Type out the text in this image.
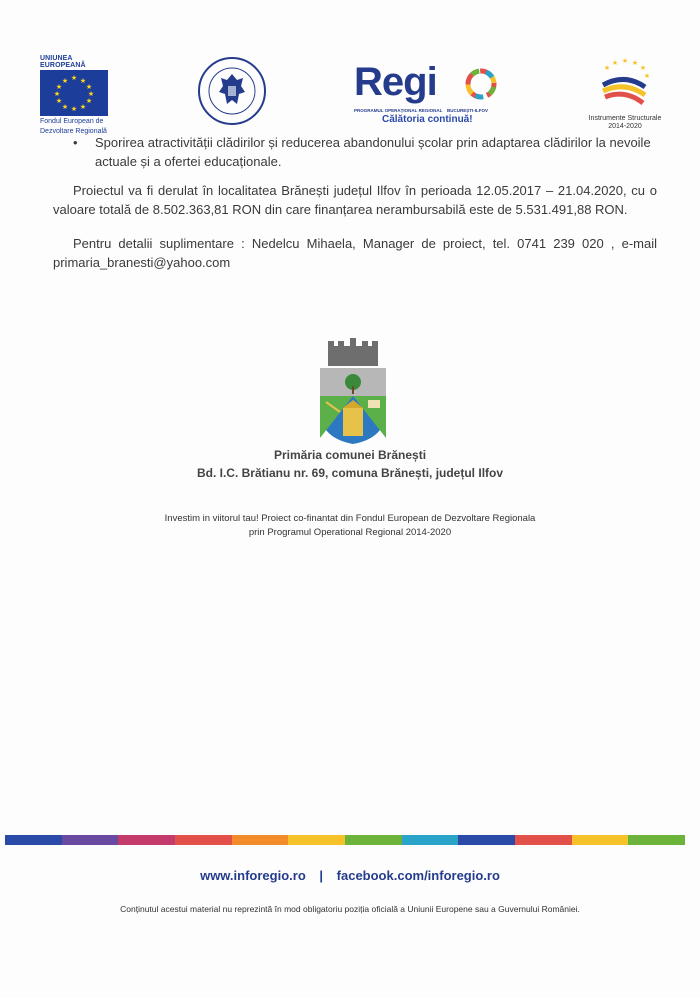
UNIUNEA EUROPEANĂ
★ ★
★
★
★
★
★
★
★
★
★
★
Fondul European de
Dezvoltare Regională
Regi
PROGRAMUL OPERAȚIONAL REGIONAL BUCUREȘTI-ILFOV
Călătoria continuă!
★ ★
★
★
★
★
Instrumente Structurale
2014-2020
• Sporirea atractivității clădirilor și reducerea abandonului școlar prin adaptarea clădirilor la nevoile actuale și a ofertei educaționale.
Proiectul va fi derulat în localitatea Brănești județul Ilfov în perioada 12.05.2017 – 21.04.2020, cu o valoare totală de 8.502.363,81 RON din care finanțarea nerambursabilă este de 5.531.491,88 RON.
Pentru detalii suplimentare : Nedelcu Mihaela, Manager de proiect, tel. 0741 239 020 , e-mail primaria_branesti@yahoo.com
Primăria comunei Brănești
Bd. I.C. Brătianu nr. 69, comuna Brănești, județul Ilfov
Investim in viitorul tau! Proiect co-finantat din Fondul European de Dezvoltare Regionala
prin Programul Operational Regional 2014-2020
www.inforegio.ro | facebook.com/inforegio.ro
Conținutul acestui material nu reprezintă în mod obligatoriu poziția oficială a Uniunii Europene sau a Guvernului României.
